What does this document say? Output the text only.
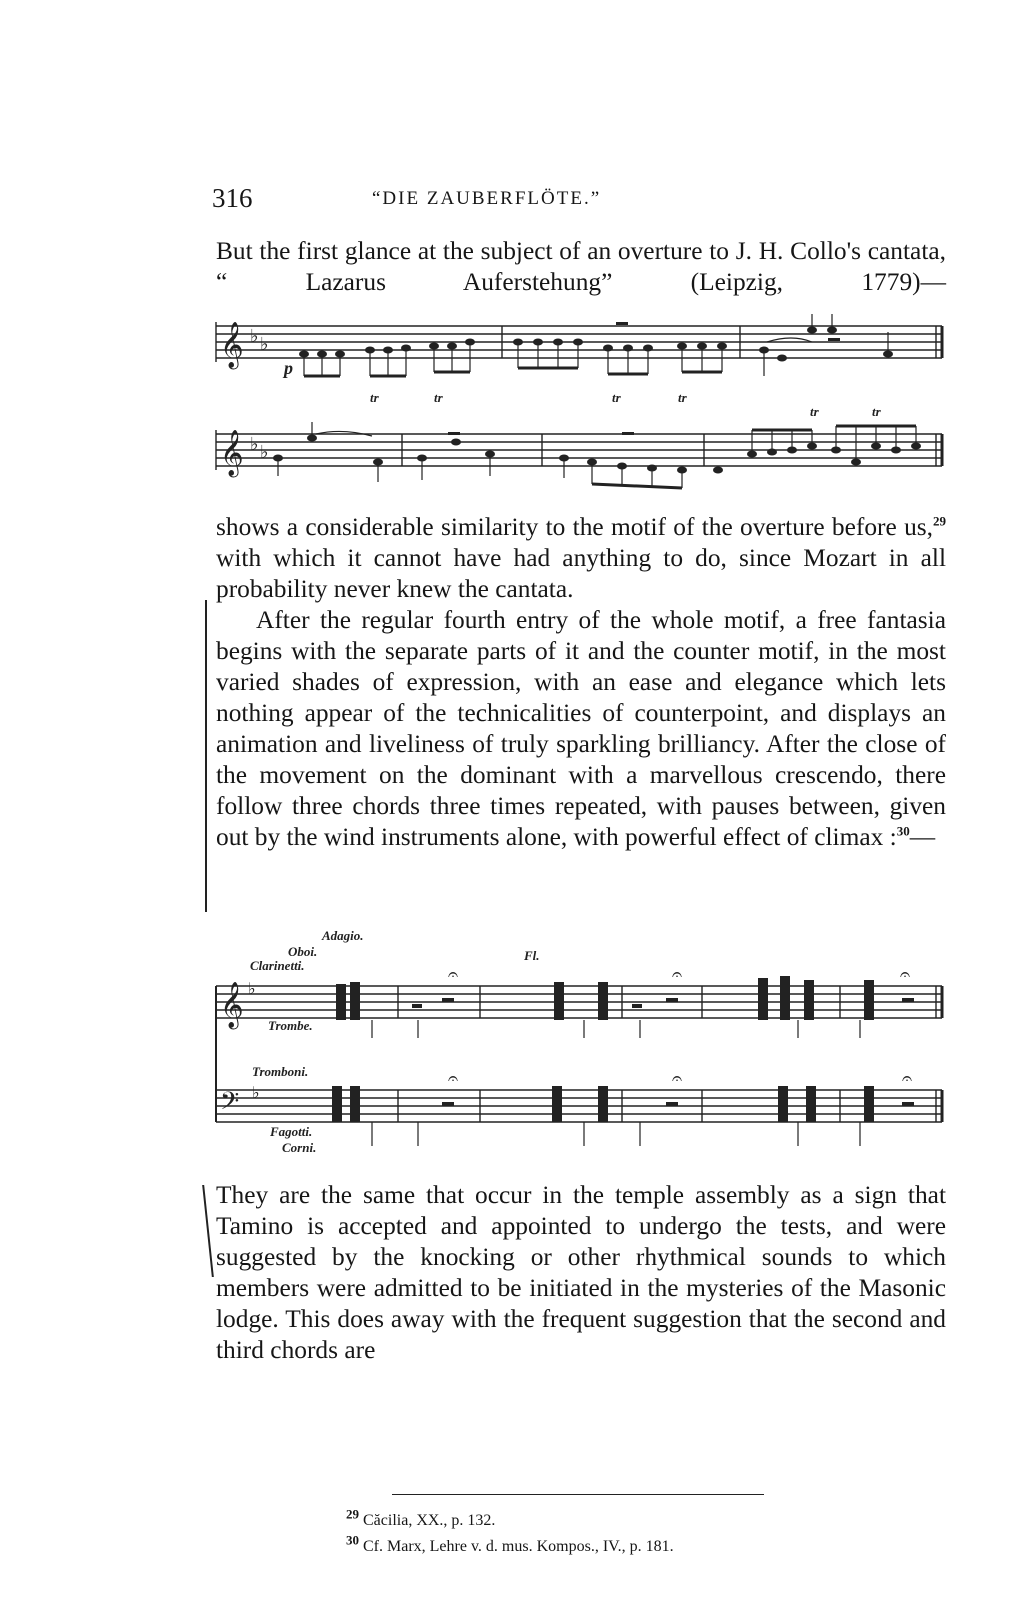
316	“DIE ZAUBERFLÖTE.”

But the first glance at the subject of an overture to J. H. Collo's cantata, “ Lazarus Auferstehung” (Leipzig, 1779)—

𝄞 ♭ ♭
p
tr	tr	tr	tr
tr	tr
𝄞 ♭ ♭

shows a considerable similarity to the motif of the overture before us,$^{29}$ with which it cannot have had anything to do, since Mozart in all probability never knew the cantata.

After the regular fourth entry of the whole motif, a free fantasia begins with the separate parts of it and the counter motif, in the most varied shades of expression, with an ease and elegance which lets nothing appear of the technicalities of counterpoint, and displays an animation and liveliness of truly sparkling brilliancy. After the close of the movement on the dominant with a marvellous crescendo, there follow three chords three times repeated, with pauses between, given out by the wind instruments alone, with powerful effect of climax :$^{30}$—

Adagio.
Oboi.
Clarinetti.
Fl.
Trombe.
Tromboni.
Fagotti.
Corni.
𝄞
𝄢
♭
♭
𝄐	𝄐	𝄐
𝄐	𝄐	𝄐

They are the same that occur in the temple assembly as a sign that Tamino is accepted and appointed to undergo the tests, and were suggested by the knocking or other rhythmical sounds to which members were admitted to be initiated in the mysteries of the Masonic lodge. This does away with the frequent suggestion that the second and third chords are

$^{29}$ Căcilia, XX., p. 132.
$^{30}$ Cf. Marx, Lehre v. d. mus. Kompos., IV., p. 181.
